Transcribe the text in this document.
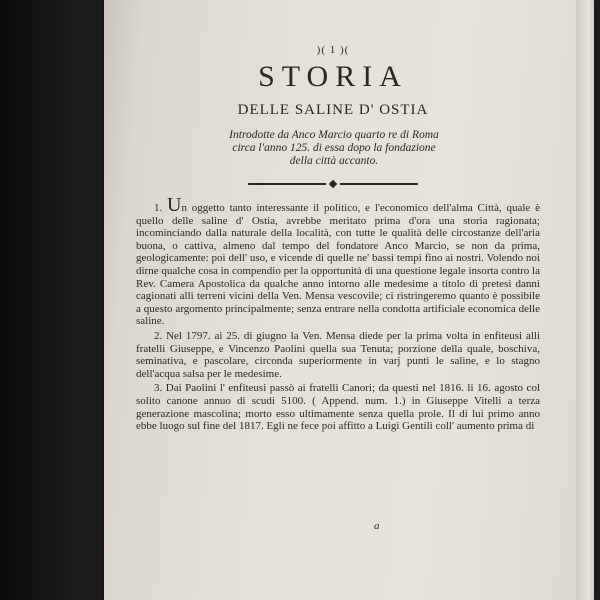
)( 1 )(
STORIA
DELLE SALINE D' OSTIA
Introdotte da Anco Marcio quarto re di Roma
circa l'anno 125. di essa dopo la fondazione
della città accanto.

1. Un oggetto tanto interessante il politico, e l'economico dell'alma Città, quale è quello delle saline d' Ostia, avrebbe meritato prima d'ora una storia ragionata; incominciando dalla naturale della località, con tutte le qualità delle circostanze dell'aria buona, o cattiva, almeno dal tempo del fondatore Anco Marcio, se non da prima, geologicamente: poi dell' uso, e vicende di quelle ne' bassi tempi fino ai nostri. Volendo noi dirne qualche cosa in compendio per la opportunità di una questione legale insorta contro la Rev. Camera Apostolica da qualche anno intorno alle medesime a titolo di pretesi danni cagionati alli terreni vicini della Ven. Mensa vescovile; ci ristringeremo quanto è possibile a questo argomento principalmente; senza entrare nella condotta artificiale economica delle saline.

2. Nel 1797. ai 25. di giugno la Ven. Mensa diede per la prima volta in enfiteusi alli fratelli Giuseppe, e Vincenzo Paolini quella sua Tenuta; porzione della quale, boschiva, seminativa, e pascolare, circonda superiormente in varj punti le saline, e lo stagno dell'acqua salsa per le medesime.

3. Dai Paolini l' enfiteusi passò ai fratelli Canori; da questi nel 1816. li 16. agosto col solito canone annuo di scudi 5100. ( Append. num. 1.) in Giuseppe Vitelli a terza generazione mascolina; morto esso ultimamente senza quella prole. Il di lui primo anno ebbe luogo sul fine del 1817. Egli ne fece poi affitto a Luigi Gentili coll' aumento prima di

a
